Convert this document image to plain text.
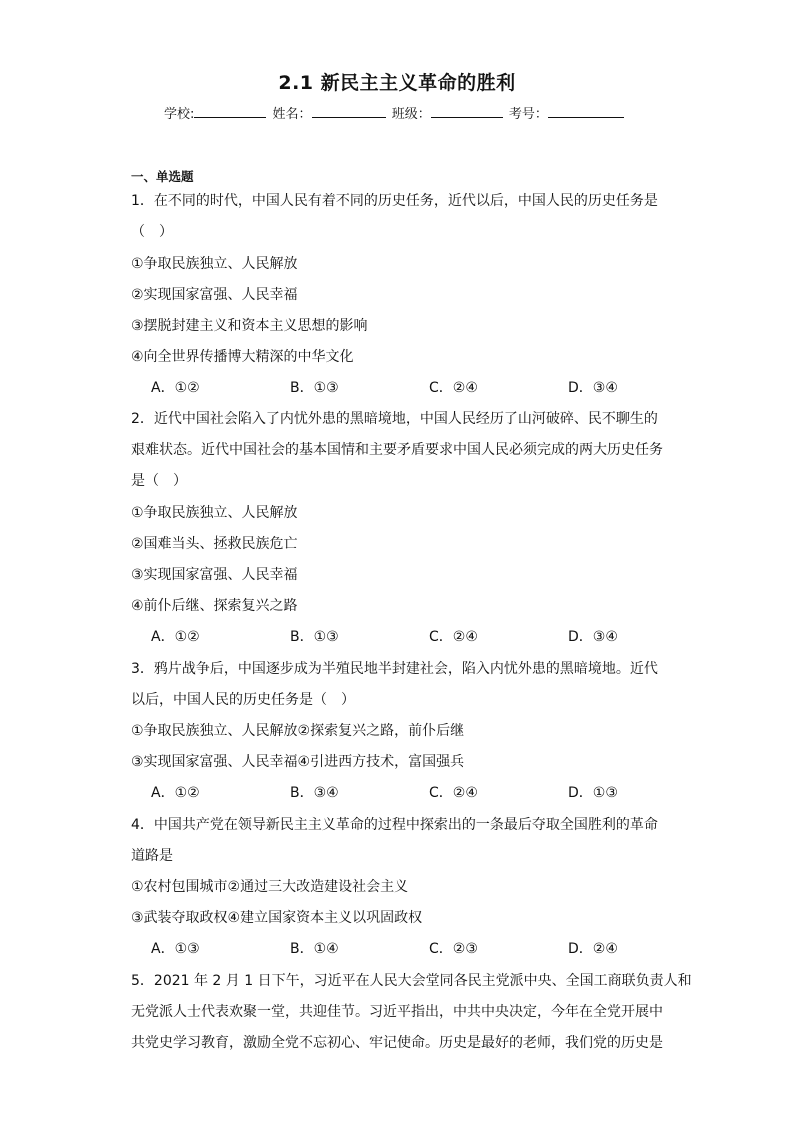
2.1 新民主主义革命的胜利
学校:	姓名：	班级：	考号：
一、单选题
1．在不同的时代，中国人民有着不同的历史任务，近代以后，中国人民的历史任务是
（　）
①争取民族独立、人民解放
②实现国家富强、人民幸福
③摆脱封建主义和资本主义思想的影响
④向全世界传播博大精深的中华文化
A．①②	B．①③	C．②④	D．③④
2．近代中国社会陷入了内忧外患的黑暗境地，中国人民经历了山河破碎、民不聊生的
艰难状态。近代中国社会的基本国情和主要矛盾要求中国人民必须完成的两大历史任务
是（　）
①争取民族独立、人民解放
②国难当头、拯救民族危亡
③实现国家富强、人民幸福
④前仆后继、探索复兴之路
A．①②	B．①③	C．②④	D．③④
3．鸦片战争后，中国逐步成为半殖民地半封建社会，陷入内忧外患的黑暗境地。近代
以后，中国人民的历史任务是（　）
①争取民族独立、人民解放②探索复兴之路，前仆后继
③实现国家富强、人民幸福④引进西方技术，富国强兵
A．①②	B．③④	C．②④	D．①③
4．中国共产党在领导新民主主义革命的过程中探索出的一条最后夺取全国胜利的革命
道路是
①农村包围城市②通过三大改造建设社会主义
③武装夺取政权④建立国家资本主义以巩固政权
A．①③	B．①④	C．②③	D．②④
5．2021 年 2 月 1 日下午，习近平在人民大会堂同各民主党派中央、全国工商联负责人和
无党派人士代表欢聚一堂，共迎佳节。习近平指出，中共中央决定，今年在全党开展中
共党史学习教育，激励全党不忘初心、牢记使命。历史是最好的老师，我们党的历史是
